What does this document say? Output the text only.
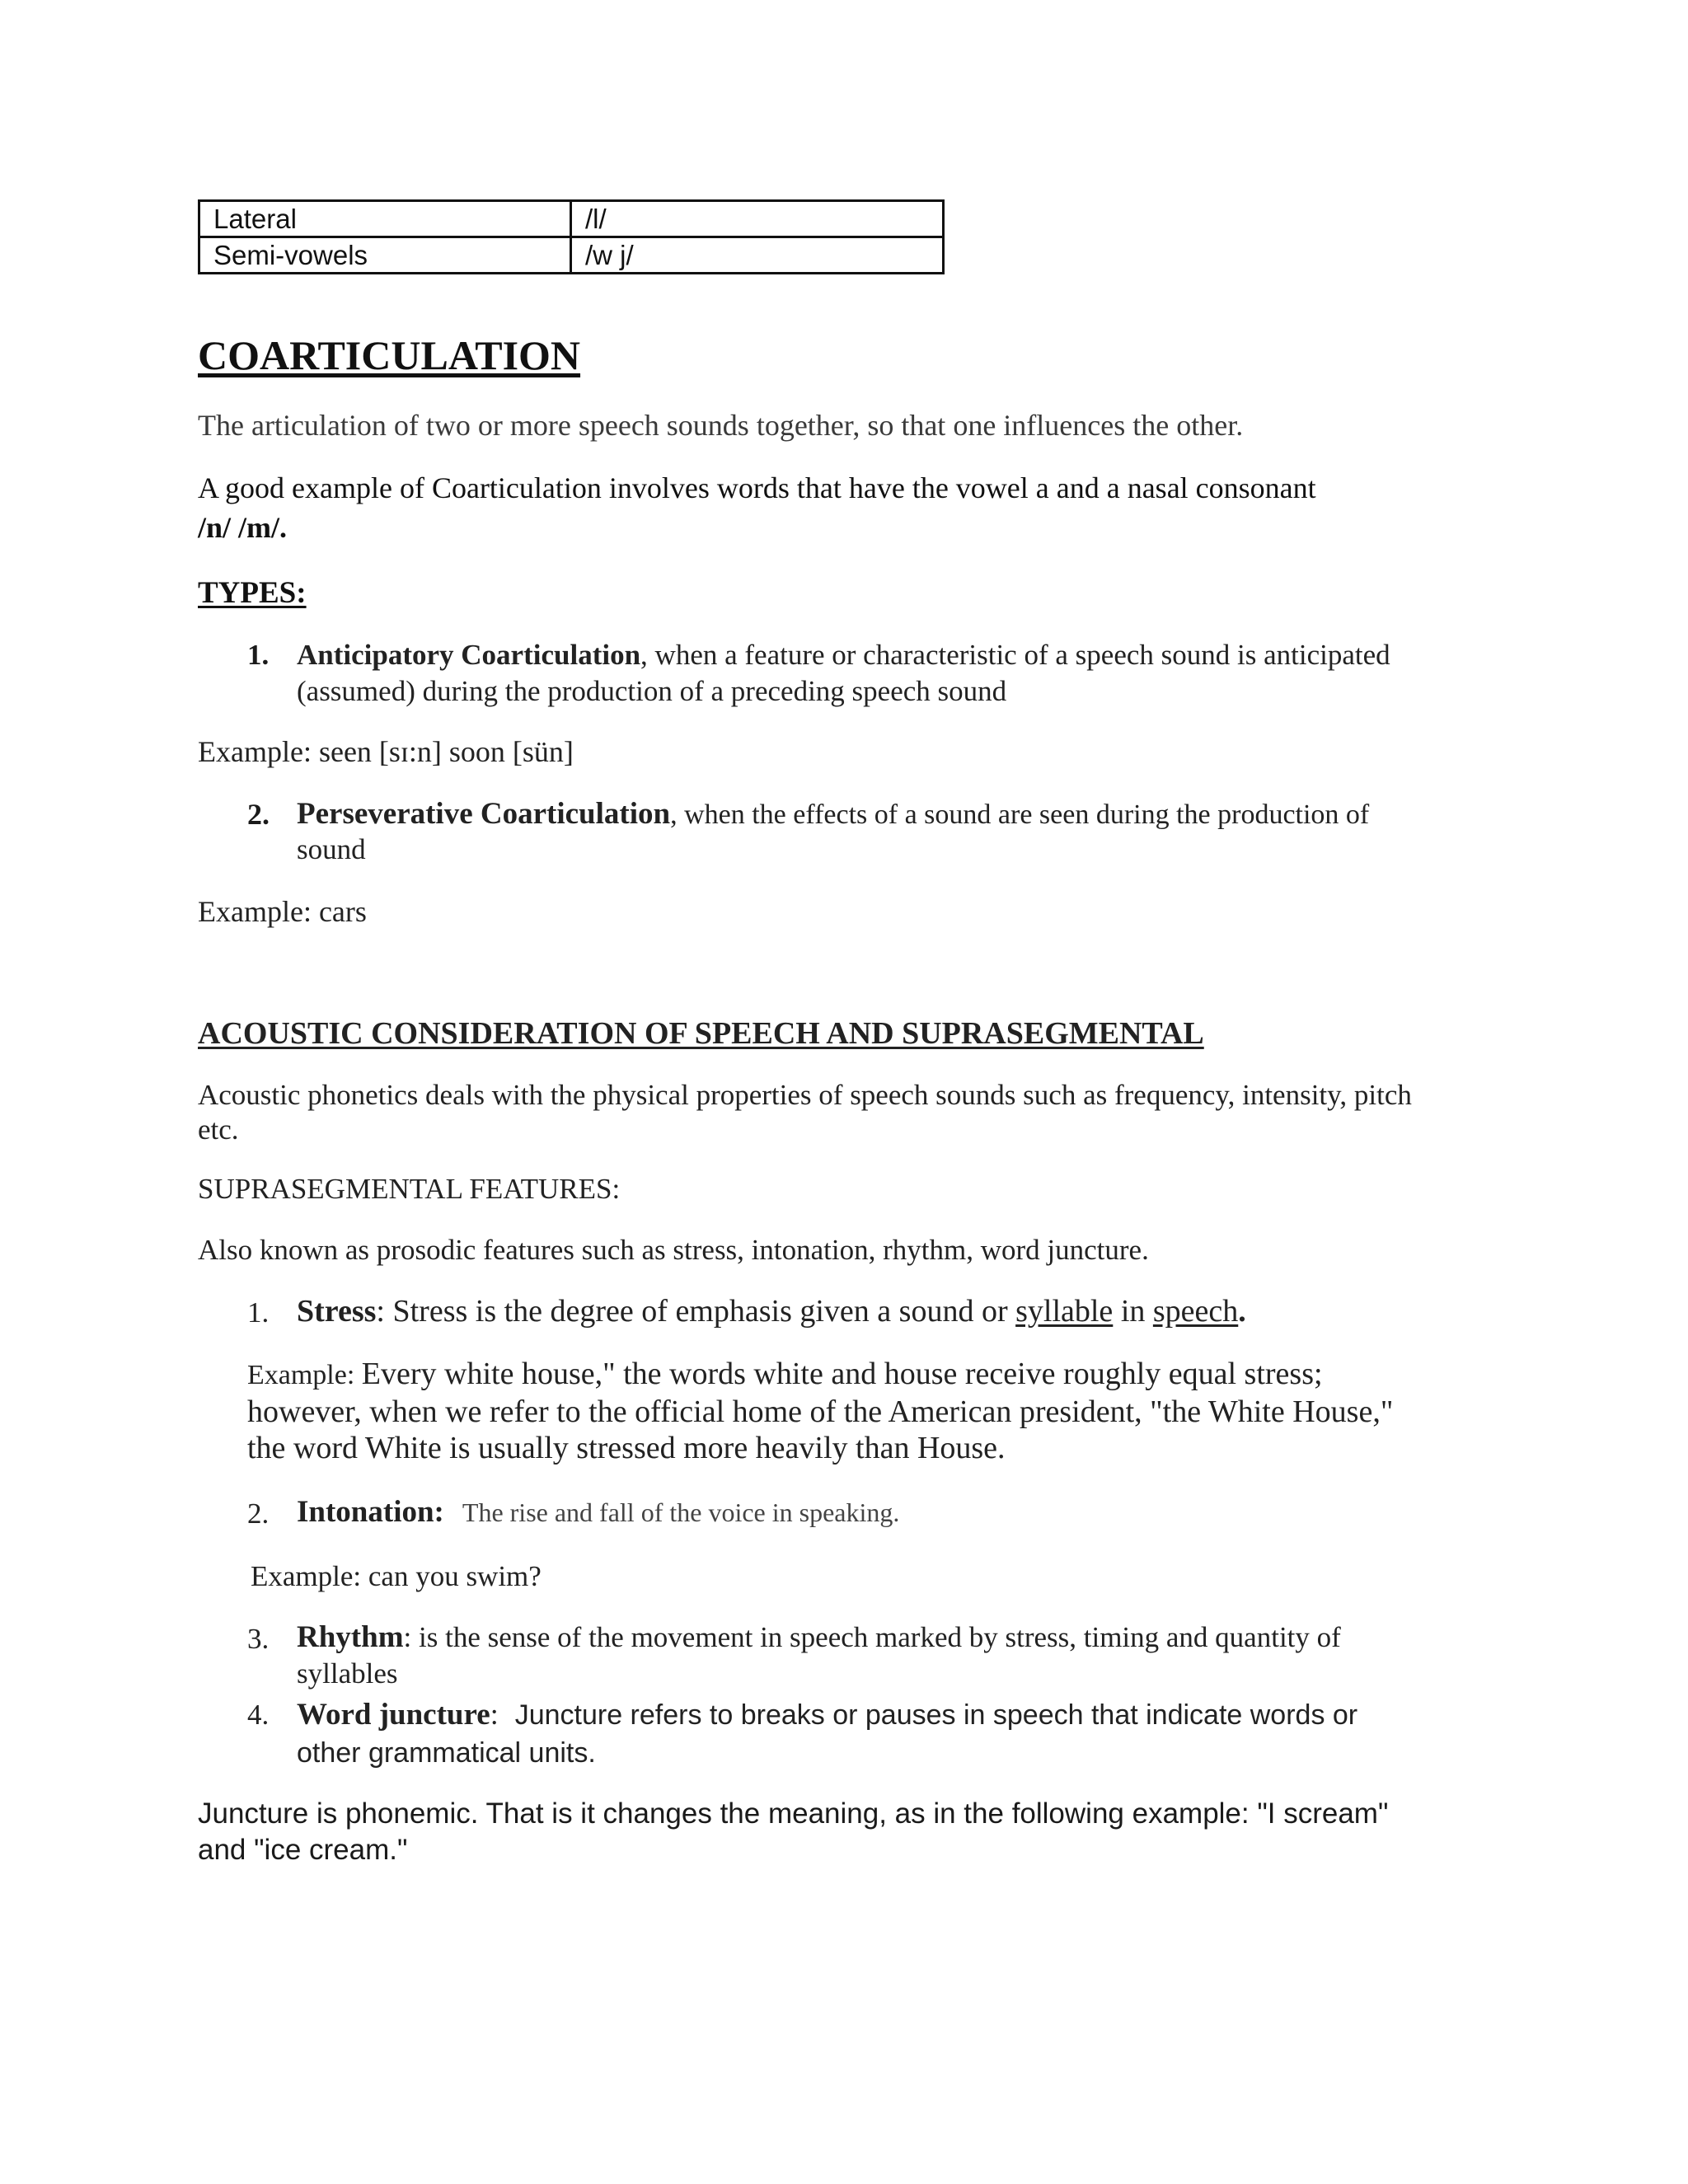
Lateral	/l/
Semi-vowels	/w j/
COARTICULATION
The articulation of two or more speech sounds together, so that one influences the other.
A good example of Coarticulation involves words that have the vowel a and a nasal consonant
/n/ /m/.
TYPES:
1. Anticipatory Coarticulation, when a feature or characteristic of a speech sound is anticipated
(assumed) during the production of a preceding speech sound
Example: seen [sɪ:n] soon [sün]
2. Perseverative Coarticulation, when the effects of a sound are seen during the production of
sound
Example: cars
ACOUSTIC CONSIDERATION OF SPEECH AND SUPRASEGMENTAL
Acoustic phonetics deals with the physical properties of speech sounds such as frequency, intensity, pitch
etc.
SUPRASEGMENTAL FEATURES:
Also known as prosodic features such as stress, intonation, rhythm, word juncture.
1. Stress: Stress is the degree of emphasis given a sound or syllable in speech.
Example: Every white house," the words white and house receive roughly equal stress;
however, when we refer to the official home of the American president, "the White House,"
the word White is usually stressed more heavily than House.
2. Intonation: The rise and fall of the voice in speaking.
Example: can you swim?
3. Rhythm: is the sense of the movement in speech marked by stress, timing and quantity of
syllables
4. Word juncture: Juncture refers to breaks or pauses in speech that indicate words or
other grammatical units.
Juncture is phonemic. That is it changes the meaning, as in the following example: "I scream"
and "ice cream."
